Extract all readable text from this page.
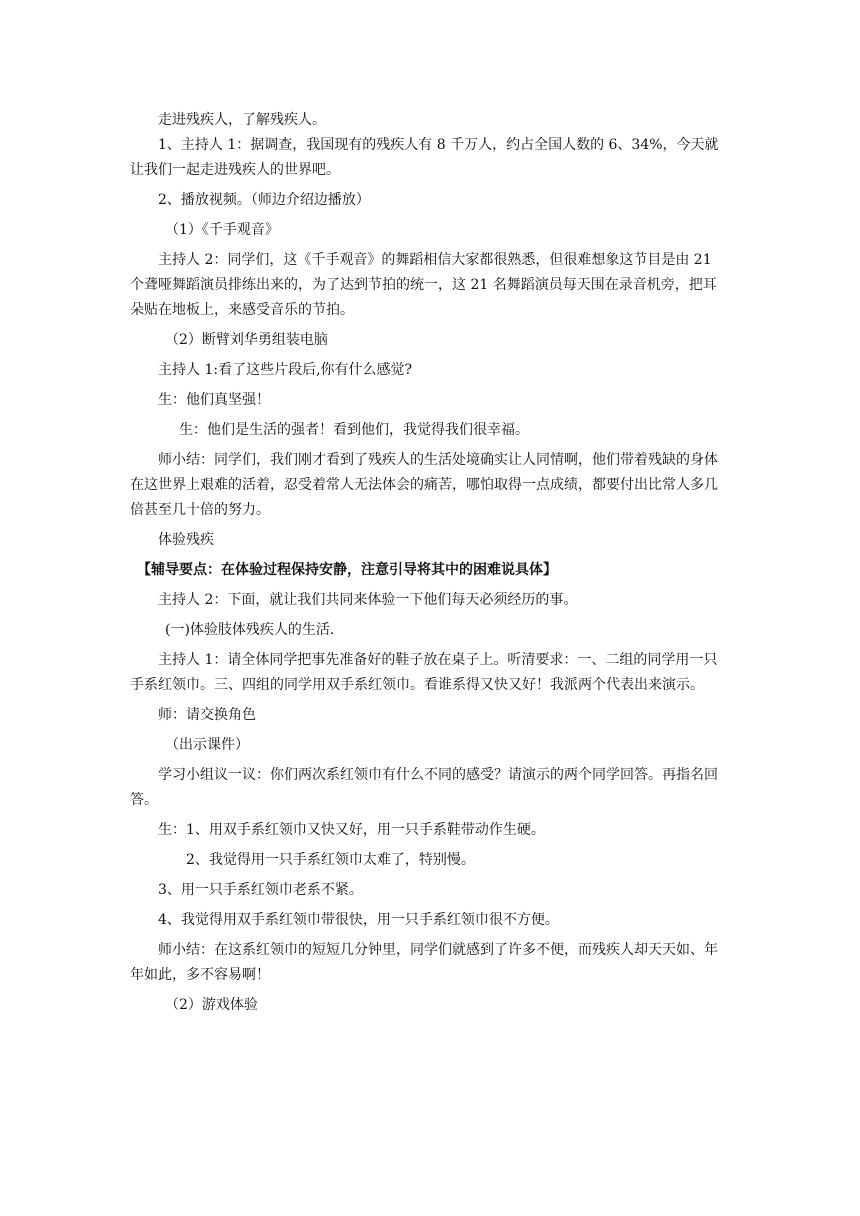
走进残疾人，了解残疾人。

1、主持人 1：据调查，我国现有的残疾人有 8 千万人，约占全国人数的 6、34%，今天就让我们一起走进残疾人的世界吧。

2、播放视频。（师边介绍边播放）

（1）《千手观音》

主持人 2：同学们，这《千手观音》的舞蹈相信大家都很熟悉，但很难想象这节目是由 21 个聋哑舞蹈演员排练出来的，为了达到节拍的统一，这 21 名舞蹈演员每天围在录音机旁，把耳朵贴在地板上，来感受音乐的节拍。

（2）断臂刘华勇组装电脑

主持人 1:看了这些片段后,你有什么感觉?

生：他们真坚强！

生：他们是生活的强者！看到他们，我觉得我们很幸福。

师小结：同学们，我们刚才看到了残疾人的生活处境确实让人同情啊，他们带着残缺的身体在这世界上艰难的活着，忍受着常人无法体会的痛苦，哪怕取得一点成绩，都要付出比常人多几倍甚至几十倍的努力。

体验残疾

【辅导要点：在体验过程保持安静，注意引导将其中的困难说具体】

主持人 2：下面，就让我们共同来体验一下他们每天必须经历的事。

(一)体验肢体残疾人的生活.

主持人 1：请全体同学把事先准备好的鞋子放在桌子上。听清要求：一、二组的同学用一只手系红领巾。三、四组的同学用双手系红领巾。看谁系得又快又好！我派两个代表出来演示。

师：请交换角色

（出示课件）

学习小组议一议：你们两次系红领巾有什么不同的感受？请演示的两个同学回答。再指名回答。

生：1、用双手系红领巾又快又好，用一只手系鞋带动作生硬。

2、我觉得用一只手系红领巾太难了，特别慢。

3、用一只手系红领巾老系不紧。

4、我觉得用双手系红领巾带很快，用一只手系红领巾很不方便。

师小结：在这系红领巾的短短几分钟里，同学们就感到了许多不便，而残疾人却天天如、年年如此，多不容易啊！

（2）游戏体验
